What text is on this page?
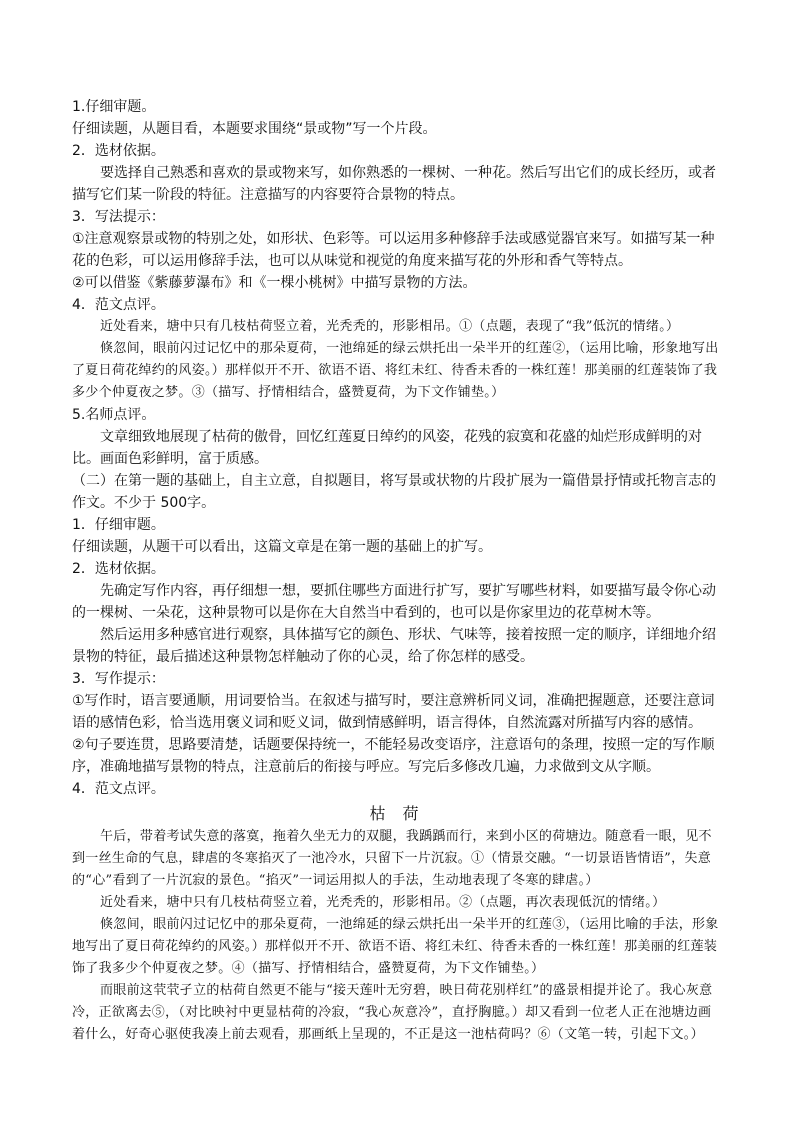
1.仔细审题。

仔细读题，从题目看，本题要求围绕“景或物”写一个片段。

2．选材依据。

要选择自己熟悉和喜欢的景或物来写，如你熟悉的一棵树、一种花。然后写出它们的成长经历，或者描写它们某一阶段的特征。注意描写的内容要符合景物的特点。

3．写法提示：

①注意观察景或物的特别之处，如形状、色彩等。可以运用多种修辞手法或感觉器官来写。如描写某一种花的色彩，可以运用修辞手法，也可以从味觉和视觉的角度来描写花的外形和香气等特点。

②可以借鉴《紫藤萝瀑布》和《一棵小桃树》中描写景物的方法。

4．范文点评。

近处看来，塘中只有几枝枯荷竖立着，光秃秃的，形影相吊。①（点题，表现了“我”低沉的情绪。）

倏忽间，眼前闪过记忆中的那朵夏荷，一池绵延的绿云烘托出一朵半开的红莲②，（运用比喻，形象地写出了夏日荷花绰约的风姿。）那样似开不开、欲语不语、将红未红、待香未香的一株红莲！那美丽的红莲装饰了我多少个仲夏夜之梦。③（描写、抒情相结合，盛赞夏荷，为下文作铺垫。）

5.名师点评。

文章细致地展现了枯荷的傲骨，回忆红莲夏日绰约的风姿，花残的寂寞和花盛的灿烂形成鲜明的对比。画面色彩鲜明，富于质感。

（二）在第一题的基础上，自主立意，自拟题目，将写景或状物的片段扩展为一篇借景抒情或托物言志的作文。不少于 500字。

1．仔细审题。

仔细读题，从题干可以看出，这篇文章是在第一题的基础上的扩写。

2．选材依据。

先确定写作内容，再仔细想一想，要抓住哪些方面进行扩写，要扩写哪些材料，如要描写最令你心动的一棵树、一朵花，这种景物可以是你在大自然当中看到的，也可以是你家里边的花草树木等。

然后运用多种感官进行观察，具体描写它的颜色、形状、气味等，接着按照一定的顺序，详细地介绍景物的特征，最后描述这种景物怎样触动了你的心灵，给了你怎样的感受。

3．写作提示：

①写作时，语言要通顺，用词要恰当。在叙述与描写时，要注意辨析同义词，准确把握题意，还要注意词语的感情色彩，恰当选用褒义词和贬义词，做到情感鲜明，语言得体，自然流露对所描写内容的感情。

②句子要连贯，思路要清楚，话题要保持统一，不能轻易改变语序，注意语句的条理，按照一定的写作顺序，准确地描写景物的特点，注意前后的衔接与呼应。写完后多修改几遍，力求做到文从字顺。

4．范文点评。

枯 荷

午后，带着考试失意的落寞，拖着久坐无力的双腿，我踽踽而行，来到小区的荷塘边。随意看一眼，见不到一丝生命的气息，肆虐的冬寒掐灭了一池冷水，只留下一片沉寂。①（情景交融。“一切景语皆情语”，失意的“心”看到了一片沉寂的景色。“掐灭”一词运用拟人的手法，生动地表现了冬寒的肆虐。）

近处看来，塘中只有几枝枯荷竖立着，光秃秃的，形影相吊。②（点题，再次表现低沉的情绪。）

倏忽间，眼前闪过记忆中的那朵夏荷，一池绵延的绿云烘托出一朵半开的红莲③，（运用比喻的手法，形象地写出了夏日荷花绰约的风姿。）那样似开不开、欲语不语、将红未红、待香未香的一株红莲！那美丽的红莲装饰了我多少个仲夏夜之梦。④（描写、抒情相结合，盛赞夏荷，为下文作铺垫。）

而眼前这茕茕孑立的枯荷自然更不能与“接天莲叶无穷碧，映日荷花别样红”的盛景相提并论了。我心灰意冷，正欲离去⑤，（对比映衬中更显枯荷的冷寂，“我心灰意冷”，直抒胸臆。）却又看到一位老人正在池塘边画着什么，好奇心驱使我凑上前去观看，那画纸上呈现的，不正是这一池枯荷吗？⑥（文笔一转，引起下文。）
